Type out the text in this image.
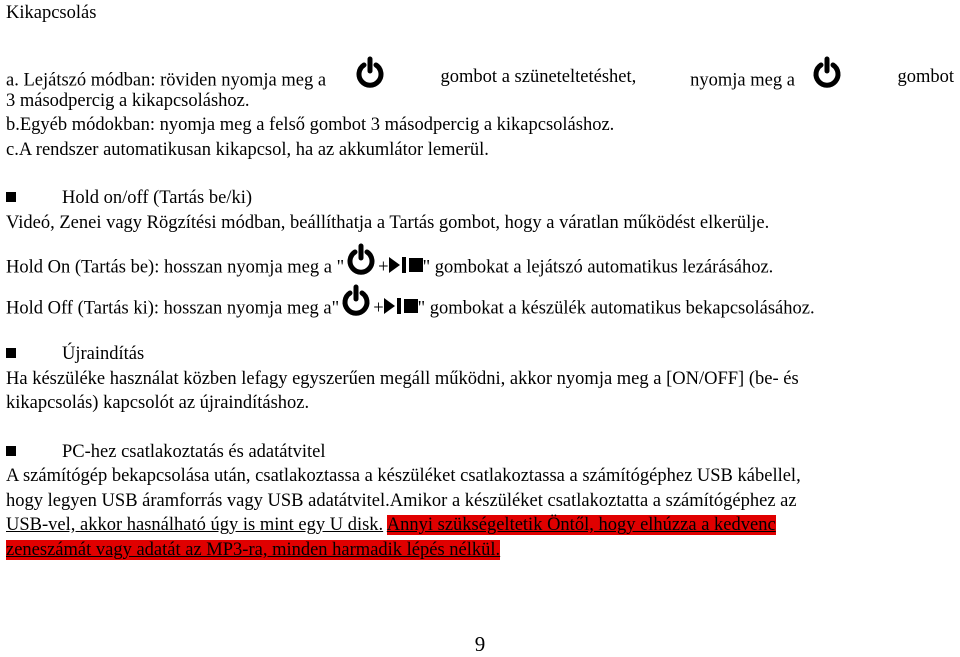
Kikapcsolás
a. Lejátszó módban: röviden nyomja meg a	gombot a szüneteltetéshet,	nyomja meg a	gombot
3 másodpercig a kikapcsoláshoz.
b.Egyéb módokban: nyomja meg a felső gombot 3 másodpercig a kikapcsoláshoz.
c.A rendszer automatikusan kikapcsol, ha az akkumlátor lemerül.
Hold on/off (Tartás be/ki)
Videó, Zenei vagy Rögzítési módban, beállíthatja a Tartás gombot, hogy a váratlan működést elkerülje.
Hold On (Tartás be): hosszan nyomja meg a " + " gombokat a lejátszó automatikus lezárásához.
Hold Off (Tartás ki): hosszan nyomja meg a" + " gombokat a készülék automatikus bekapcsolásához.
Újraindítás
Ha készüléke használat közben lefagy egyszerűen megáll működni, akkor nyomja meg a [ON/OFF] (be- és
kikapcsolás) kapcsolót az újraindításhoz.
PC-hez csatlakoztatás és adatátvitel
A számítógép bekapcsolása után, csatlakoztassa a készüléket csatlakoztassa a számítógéphez USB kábellel,
hogy legyen USB áramforrás vagy USB adatátvitel.Amikor a készüléket csatlakoztatta a számítógéphez az
USB-vel, akkor hasnálható úgy is mint egy U disk. Annyi szükségeltetik Öntől, hogy elhúzza a kedvenc
zeneszámát vagy adatát az MP3-ra, minden harmadik lépés nélkül.
9
